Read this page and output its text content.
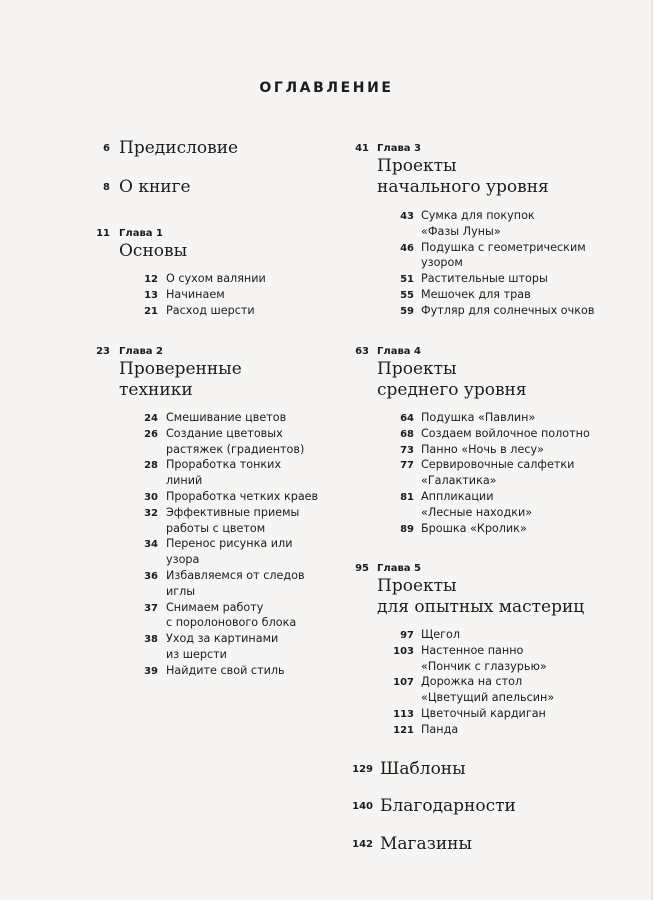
ОГЛАВЛЕНИЕ
6 Предисловие
8 О книге
11 Глава 1
Основы
12 О сухом валянии
13 Начинаем
21 Расход шерсти
23 Глава 2
Проверенные
техники
24 Смешивание цветов
26 Создание цветовых
растяжек (градиентов)
28 Проработка тонких
линий
30 Проработка четких краев
32 Эффективные приемы
работы с цветом
34 Перенос рисунка или
узора
36 Избавляемся от следов
иглы
37 Снимаем работу
с поролонового блока
38 Уход за картинами
из шерсти
39 Найдите свой стиль
41 Глава 3
Проекты
начального уровня
43 Сумка для покупок
«Фазы Луны»
46 Подушка с геометрическим
узором
51 Растительные шторы
55 Мешочек для трав
59 Футляр для солнечных очков
63 Глава 4
Проекты
среднего уровня
64 Подушка «Павлин»
68 Создаем войлочное полотно
73 Панно «Ночь в лесу»
77 Сервировочные салфетки
«Галактика»
81 Аппликации
«Лесные находки»
89 Брошка «Кролик»
95 Глава 5
Проекты
для опытных мастериц
97 Щегол
103 Настенное панно
«Пончик с глазурью»
107 Дорожка на стол
«Цветущий апельсин»
113 Цветочный кардиган
121 Панда
129 Шаблоны
140 Благодарности
142 Магазины
